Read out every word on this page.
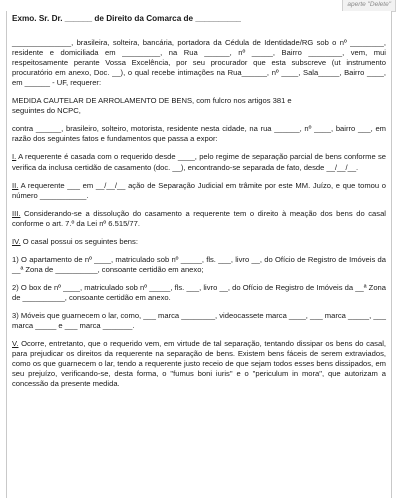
aperte "Delete"

Exmo. Sr. Dr. ______ de Direito da Comarca de __________

______________, brasileira, solteira, bancária, portadora da Cédula de Identidade/RG sob o nº ________, residente e domiciliada em _________, na Rua ______, nº _____, Bairro ________, vem, mui respeitosamente perante Vossa Excelência, por seu procurador que esta subscreve (ut instrumento procuratório em anexo, Doc. __), o qual recebe intimações na Rua______, nº ____, Sala_____, Bairro ____, em ______ - UF, requerer:

MEDIDA CAUTELAR DE ARROLAMENTO DE BENS, com fulcro nos artigos 381 e

seguintes do NCPC,

contra ______, brasileiro, solteiro, motorista, residente nesta cidade, na rua ______, nº ____, bairro ___, em razão dos seguintes fatos e fundamentos que passa a expor:

I. A requerente é casada com o requerido desde ____, pelo regime de separação parcial de bens conforme se verifica da inclusa certidão de casamento (doc. __), encontrando-se separada de fato, desde __/__/__.

II. A requerente ___ em __/__/__ ação de Separação Judicial em trâmite por este MM. Juízo, e que tomou o número ___________.

III. Considerando-se a dissolução do casamento a requerente tem o direito à meação dos bens do casal conforme o art. 7.º da Lei nº 6.515/77.

IV. O casal possui os seguintes bens:

1) O apartamento de nº ____, matriculado sob nº _____, fls. ___, livro __, do Ofício de Registro de Imóveis da __ª Zona de __________, consoante certidão em anexo;

2) O box de nº ____, matriculado sob nº _____, fls. ___, livro __, do Ofício de Registro de Imóveis da __ª Zona de __________, consoante certidão em anexo.

3) Móveis que guarnecem o lar, como, ___ marca ________, videocassete marca ____, ___ marca _____, ___ marca _____ e ___ marca _______.

V. Ocorre, entretanto, que o requerido vem, em virtude de tal separação, tentando dissipar os bens do casal, para prejudicar os direitos da requerente na separação de bens. Existem bens fáceis de serem extraviados, como os que guarnecem o lar, tendo a requerente justo receio de que sejam todos esses bens dissipados, em seu prejuízo, verificando-se, desta forma, o "fumus boni iuris" e o "periculum in mora", que autorizam a concessão da presente medida.
